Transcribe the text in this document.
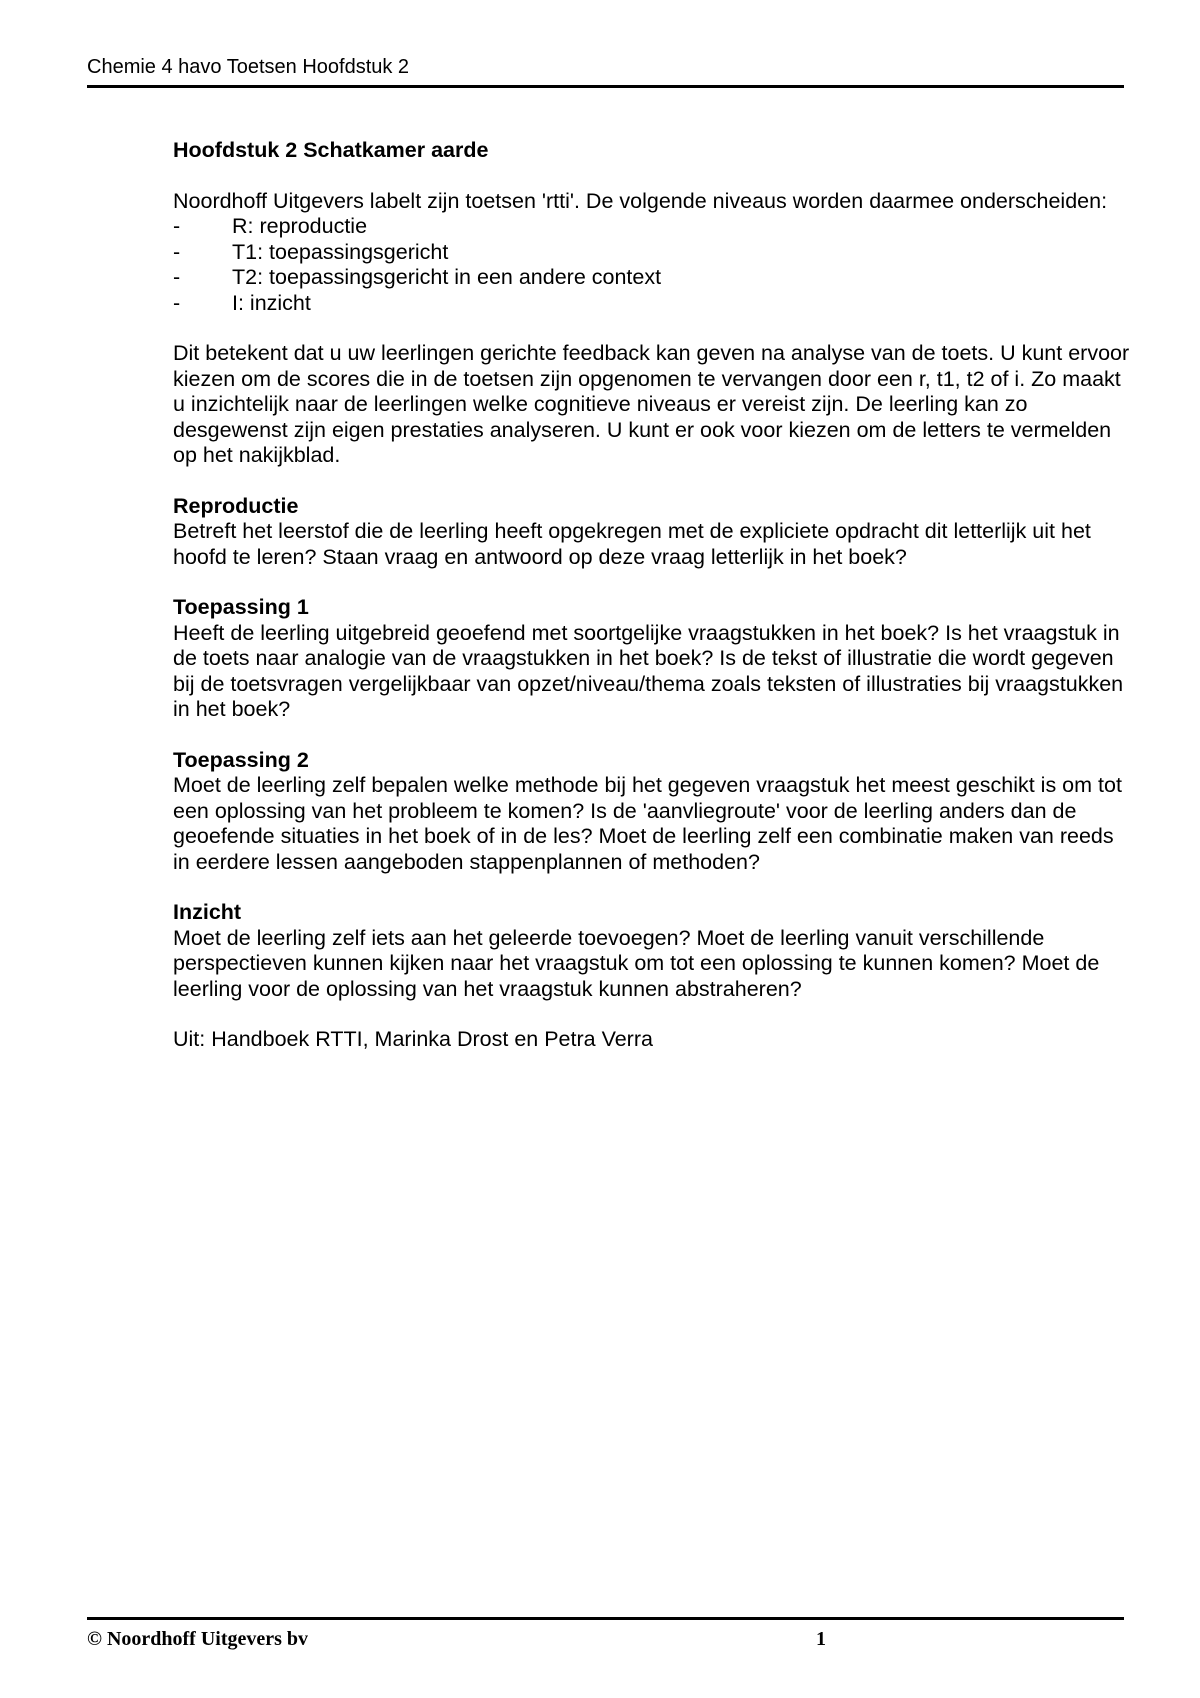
Chemie 4 havo Toetsen Hoofdstuk 2
Hoofdstuk 2 Schatkamer aarde
Noordhoff Uitgevers labelt zijn toetsen 'rtti'. De volgende niveaus worden daarmee onderscheiden:
- R: reproductie
- T1: toepassingsgericht
- T2: toepassingsgericht in een andere context
- I: inzicht
Dit betekent dat u uw leerlingen gerichte feedback kan geven na analyse van de toets. U kunt ervoor kiezen om de scores die in de toetsen zijn opgenomen te vervangen door een r, t1, t2 of i. Zo maakt u inzichtelijk naar de leerlingen welke cognitieve niveaus er vereist zijn. De leerling kan zo desgewenst zijn eigen prestaties analyseren. U kunt er ook voor kiezen om de letters te vermelden op het nakijkblad.
Reproductie
Betreft het leerstof die de leerling heeft opgekregen met de expliciete opdracht dit letterlijk uit het hoofd te leren? Staan vraag en antwoord op deze vraag letterlijk in het boek?
Toepassing 1
Heeft de leerling uitgebreid geoefend met soortgelijke vraagstukken in het boek? Is het vraagstuk in de toets naar analogie van de vraagstukken in het boek? Is de tekst of illustratie die wordt gegeven bij de toetsvragen vergelijkbaar van opzet/niveau/thema zoals teksten of illustraties bij vraagstukken in het boek?
Toepassing 2
Moet de leerling zelf bepalen welke methode bij het gegeven vraagstuk het meest geschikt is om tot een oplossing van het probleem te komen? Is de 'aanvliegroute' voor de leerling anders dan de geoefende situaties in het boek of in de les? Moet de leerling zelf een combinatie maken van reeds in eerdere lessen aangeboden stappenplannen of methoden?
Inzicht
Moet de leerling zelf iets aan het geleerde toevoegen? Moet de leerling vanuit verschillende perspectieven kunnen kijken naar het vraagstuk om tot een oplossing te kunnen komen? Moet de leerling voor de oplossing van het vraagstuk kunnen abstraheren?
Uit: Handboek RTTI, Marinka Drost en Petra Verra
© Noordhoff Uitgevers bv	1
